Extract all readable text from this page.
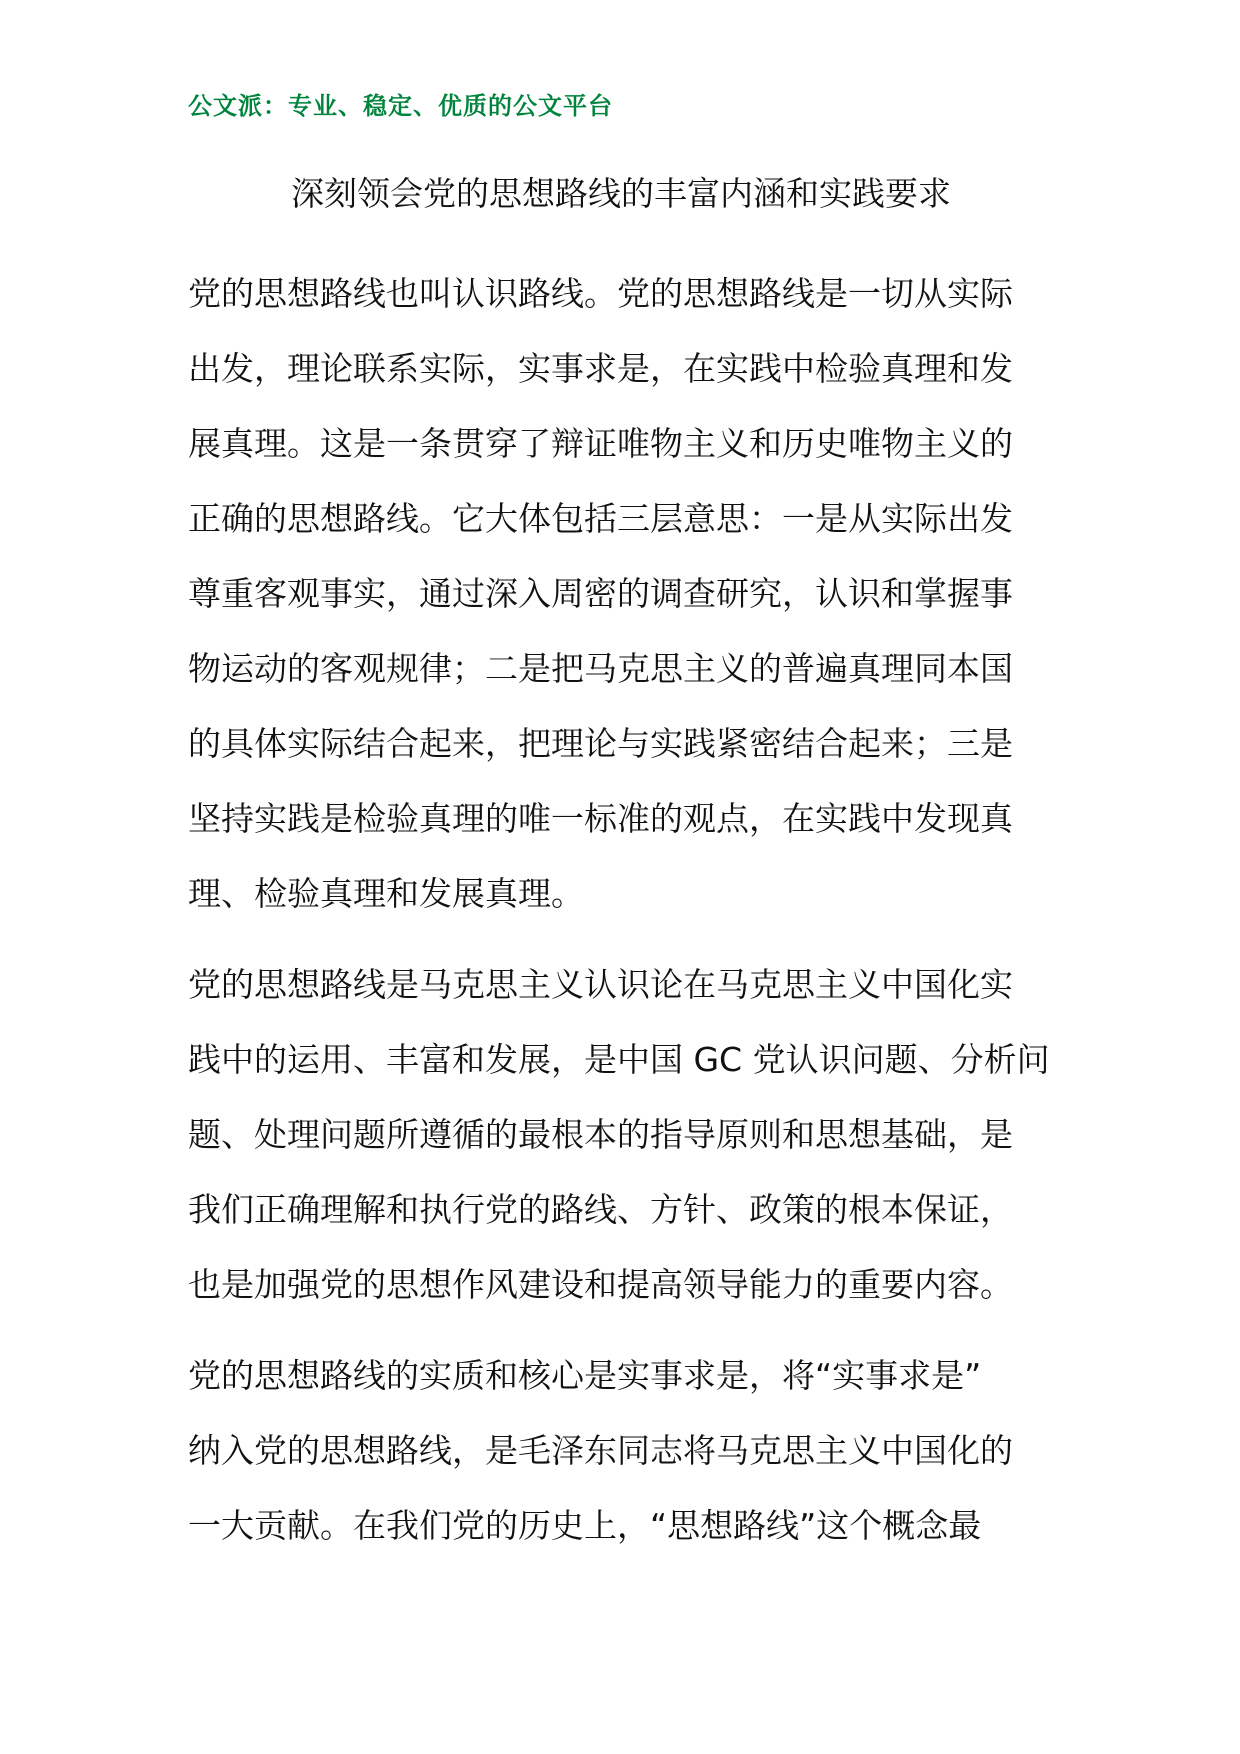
公文派：专业、稳定、优质的公文平台
深刻领会党的思想路线的丰富内涵和实践要求
党的思想路线也叫认识路线。党的思想路线是一切从实际
出发，理论联系实际，实事求是，在实践中检验真理和发
展真理。这是一条贯穿了辩证唯物主义和历史唯物主义的
正确的思想路线。它大体包括三层意思：一是从实际出发
尊重客观事实，通过深入周密的调查研究，认识和掌握事
物运动的客观规律；二是把马克思主义的普遍真理同本国
的具体实际结合起来，把理论与实践紧密结合起来；三是
坚持实践是检验真理的唯一标准的观点，在实践中发现真
理、检验真理和发展真理。
党的思想路线是马克思主义认识论在马克思主义中国化实
践中的运用、丰富和发展，是中国 GC 党认识问题、分析问
题、处理问题所遵循的最根本的指导原则和思想基础，是
我们正确理解和执行党的路线、方针、政策的根本保证，
也是加强党的思想作风建设和提高领导能力的重要内容。
党的思想路线的实质和核心是实事求是，将“实事求是”
纳入党的思想路线，是毛泽东同志将马克思主义中国化的
一大贡献。在我们党的历史上，“思想路线”这个概念最
